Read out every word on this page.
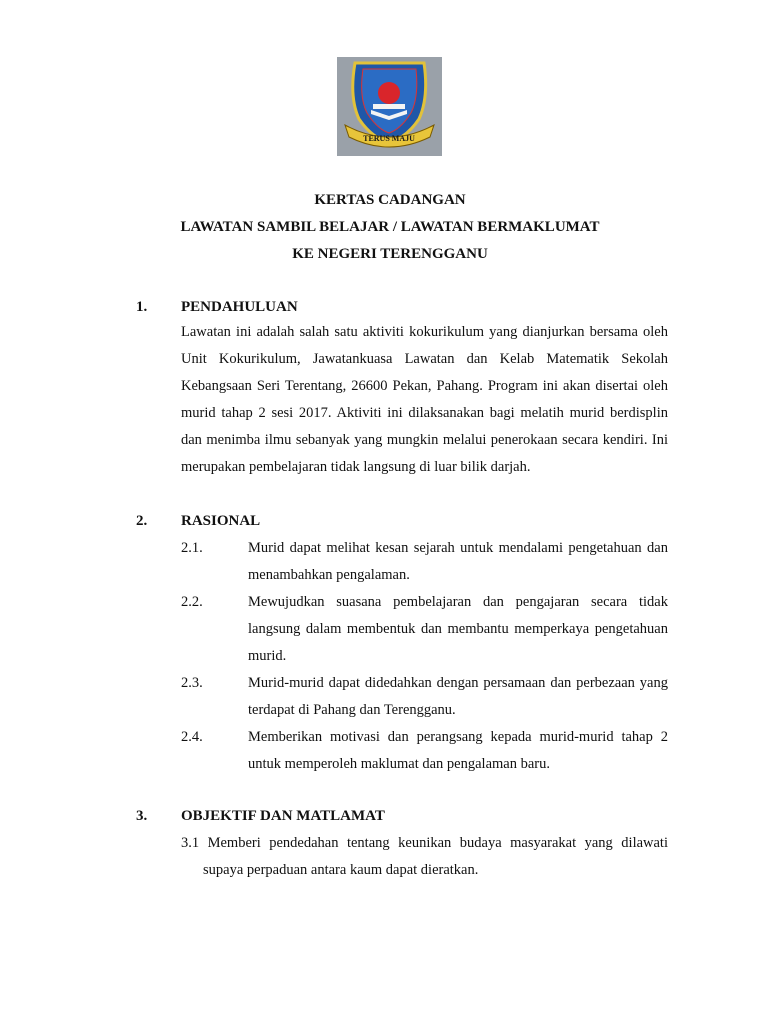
TERUS MAJU
KERTAS CADANGAN
LAWATAN SAMBIL BELAJAR / LAWATAN BERMAKLUMAT
KE NEGERI TERENGGANU
1. PENDAHULUAN
Lawatan ini adalah salah satu aktiviti kokurikulum yang dianjurkan bersama oleh Unit Kokurikulum, Jawatankuasa Lawatan dan Kelab Matematik Sekolah Kebangsaan Seri Terentang, 26600 Pekan, Pahang. Program ini akan disertai oleh murid tahap 2 sesi 2017. Aktiviti ini dilaksanakan bagi melatih murid berdisplin dan menimba ilmu sebanyak yang mungkin melalui penerokaan secara kendiri. Ini merupakan pembelajaran tidak langsung di luar bilik darjah.
2. RASIONAL
2.1.	Murid dapat melihat kesan sejarah untuk mendalami pengetahuan dan menambahkan pengalaman.
2.2.	Mewujudkan suasana pembelajaran dan pengajaran secara tidak langsung dalam membentuk dan membantu memperkaya pengetahuan murid.
2.3.	Murid-murid dapat didedahkan dengan persamaan dan perbezaan yang terdapat di Pahang dan Terengganu.
2.4.	Memberikan motivasi dan perangsang kepada murid-murid tahap 2 untuk memperoleh maklumat dan pengalaman baru.
3. OBJEKTIF DAN MATLAMAT
3.1 Memberi pendedahan tentang keunikan budaya masyarakat yang dilawati
supaya perpaduan antara kaum dapat dieratkan.
